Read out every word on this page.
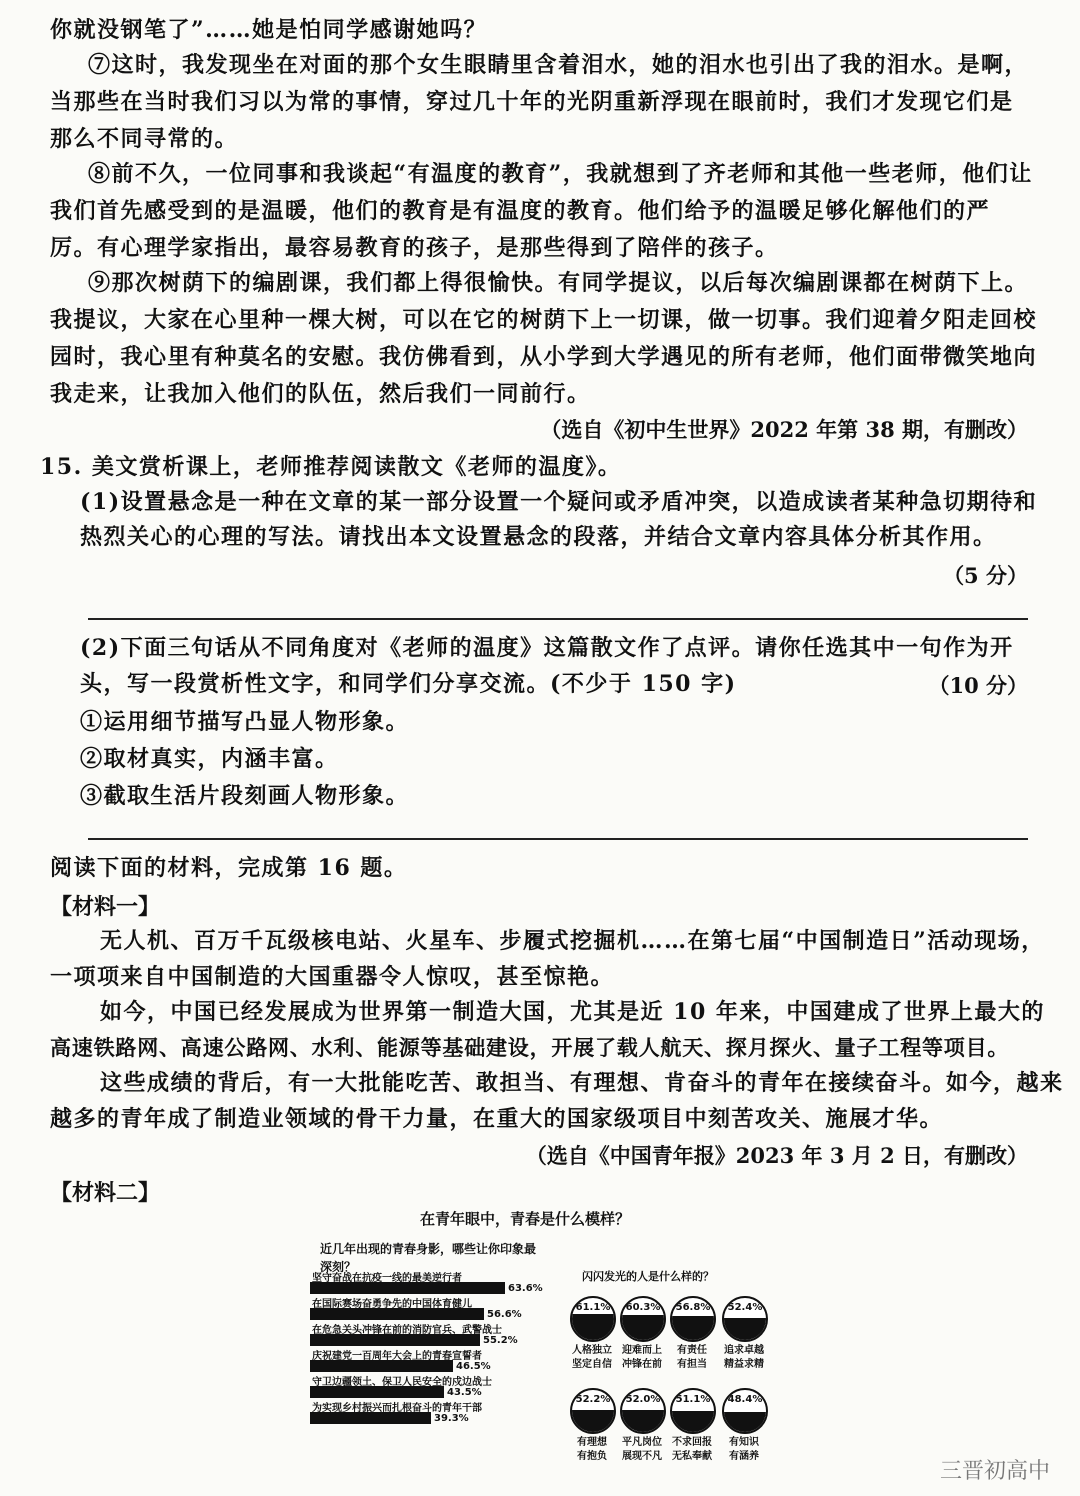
你就没钢笔了”……她是怕同学感谢她吗？
⑦这时，我发现坐在对面的那个女生眼睛里含着泪水，她的泪水也引出了我的泪水。是啊，
当那些在当时我们习以为常的事情，穿过几十年的光阴重新浮现在眼前时，我们才发现它们是
那么不同寻常的。
⑧前不久，一位同事和我谈起“有温度的教育”，我就想到了齐老师和其他一些老师，他们让
我们首先感受到的是温暖，他们的教育是有温度的教育。他们给予的温暖足够化解他们的严
厉。有心理学家指出，最容易教育的孩子，是那些得到了陪伴的孩子。
⑨那次树荫下的编剧课，我们都上得很愉快。有同学提议，以后每次编剧课都在树荫下上。
我提议，大家在心里种一棵大树，可以在它的树荫下上一切课，做一切事。我们迎着夕阳走回校
园时，我心里有种莫名的安慰。我仿佛看到，从小学到大学遇见的所有老师，他们面带微笑地向
我走来，让我加入他们的队伍，然后我们一同前行。
（选自《初中生世界》2022 年第 38 期，有删改）
15. 美文赏析课上，老师推荐阅读散文《老师的温度》。
(1)设置悬念是一种在文章的某一部分设置一个疑问或矛盾冲突，以造成读者某种急切期待和
热烈关心的心理的写法。请找出本文设置悬念的段落，并结合文章内容具体分析其作用。
（5 分）
(2)下面三句话从不同角度对《老师的温度》这篇散文作了点评。请你任选其中一句作为开
头，写一段赏析性文字，和同学们分享交流。(不少于 150 字)	（10 分）
①运用细节描写凸显人物形象。
②取材真实，内涵丰富。
③截取生活片段刻画人物形象。
阅读下面的材料，完成第 16 题。
【材料一】
无人机、百万千瓦级核电站、火星车、步履式挖掘机……在第七届“中国制造日”活动现场，
一项项来自中国制造的大国重器令人惊叹，甚至惊艳。
如今，中国已经发展成为世界第一制造大国，尤其是近 10 年来，中国建成了世界上最大的
高速铁路网、高速公路网、水利、能源等基础建设，开展了载人航天、探月探火、量子工程等项目。
这些成绩的背后，有一大批能吃苦、敢担当、有理想、肯奋斗的青年在接续奋斗。如今，越来
越多的青年成了制造业领域的骨干力量，在重大的国家级项目中刻苦攻关、施展才华。
（选自《中国青年报》2023 年 3 月 2 日，有删改）
【材料二】
在青年眼中，青春是什么模样？
近几年出现的青春身影，哪些让你印象最深刻？
坚守奋战在抗疫一线的最美逆行者
63.6%
在国际赛场奋勇争先的中国体育健儿
56.6%
在危急关头冲锋在前的消防官兵、武警战士
55.2%
庆祝建党一百周年大会上的青春宣誓者
46.5%
守卫边疆领土、保卫人民安全的戍边战士
43.5%
为实现乡村振兴而扎根奋斗的青年干部
39.3%
闪闪发光的人是什么样的？
61.1%
人格独立
坚定自信
60.3%
迎难而上
冲锋在前
56.8%
有责任
有担当
52.4%
追求卓越
精益求精
52.2%
有理想
有抱负
52.0%
平凡岗位
展现不凡
51.1%
不求回报
无私奉献
48.4%
有知识
有涵养
三晋初高中
